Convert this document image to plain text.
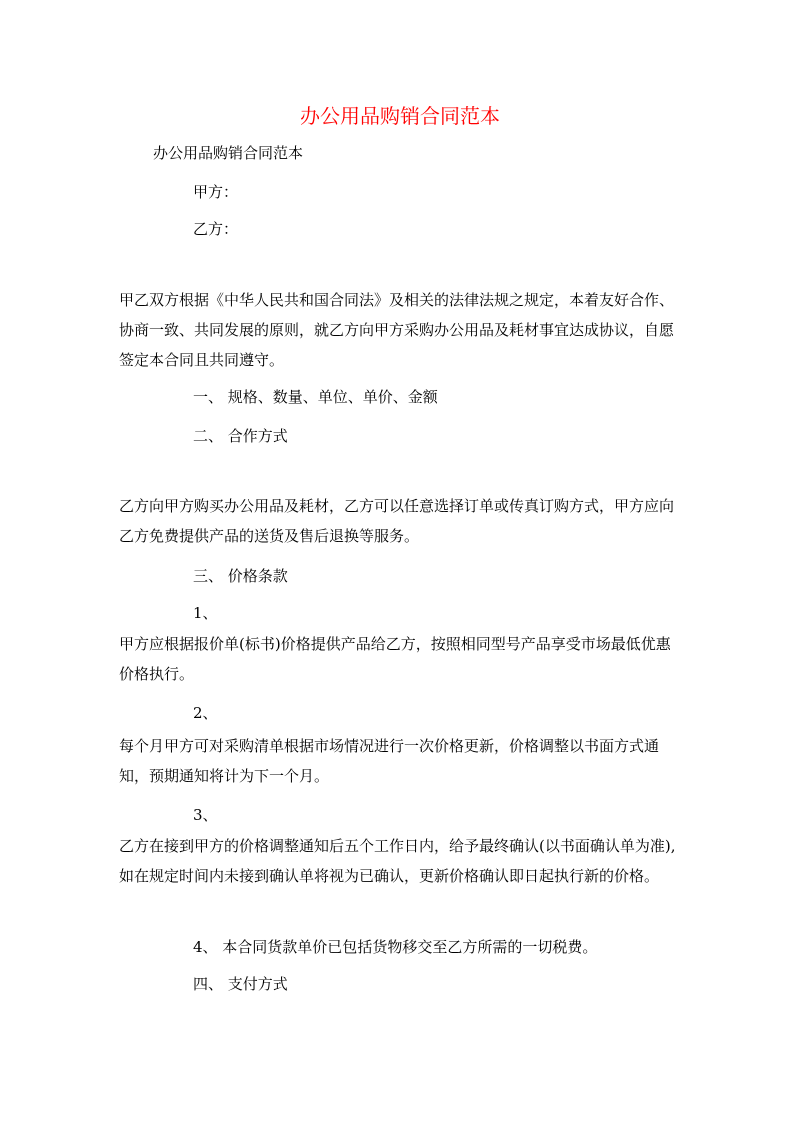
办公用品购销合同范本
办公用品购销合同范本
甲方：
乙方：
甲乙双方根据《中华人民共和国合同法》及相关的法律法规之规定，本着友好合作、协商一致、共同发展的原则，就乙方向甲方采购办公用品及耗材事宜达成协议，自愿签定本合同且共同遵守。
一、 规格、数量、单位、单价、金额
二、 合作方式
乙方向甲方购买办公用品及耗材，乙方可以任意选择订单或传真订购方式，甲方应向乙方免费提供产品的送货及售后退换等服务。
三、 价格条款
1、
甲方应根据报价单(标书)价格提供产品给乙方，按照相同型号产品享受市场最低优惠价格执行。
2、
每个月甲方可对采购清单根据市场情况进行一次价格更新，价格调整以书面方式通知，预期通知将计为下一个月。
3、
乙方在接到甲方的价格调整通知后五个工作日内，给予最终确认(以书面确认单为准),如在规定时间内未接到确认单将视为已确认，更新价格确认即日起执行新的价格。
4、 本合同货款单价已包括货物移交至乙方所需的一切税费。
四、 支付方式
